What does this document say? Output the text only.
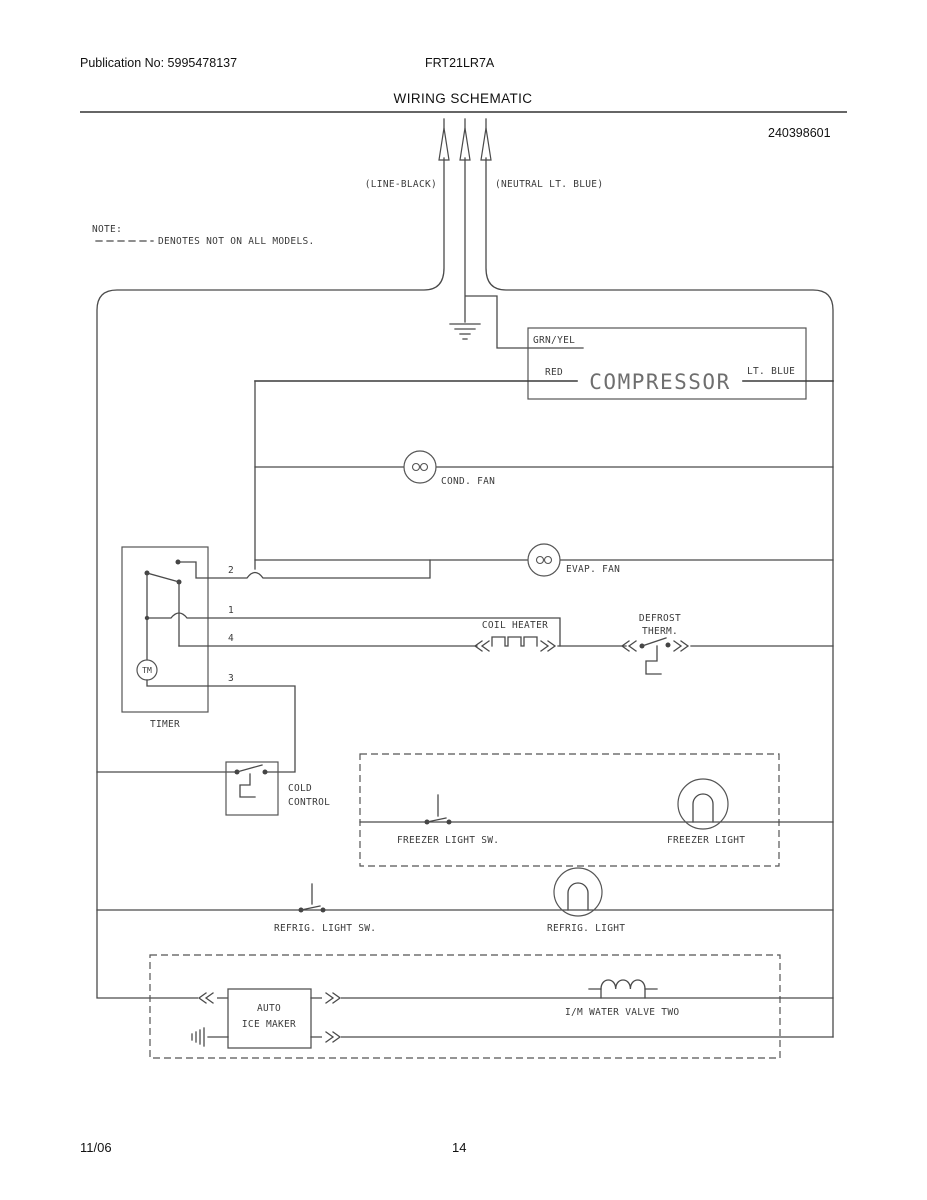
Publication No: 5995478137	FRT21LR7A
WIRING SCHEMATIC
240398601
NOTE:
DENOTES NOT ON ALL MODELS.
(LINE-BLACK)	(NEUTRAL LT. BLUE)
GRN/YEL
RED	LT. BLUE
COMPRESSOR
COND. FAN
EVAP. FAN
TM
2
1
4
3
TIMER
COIL HEATER
DEFROST
THERM.
COLD
CONTROL
FREEZER LIGHT SW.	FREEZER LIGHT
REFRIG. LIGHT SW.	REFRIG. LIGHT
AUTO
ICE MAKER
I/M WATER VALVE TWO
11/06	14
